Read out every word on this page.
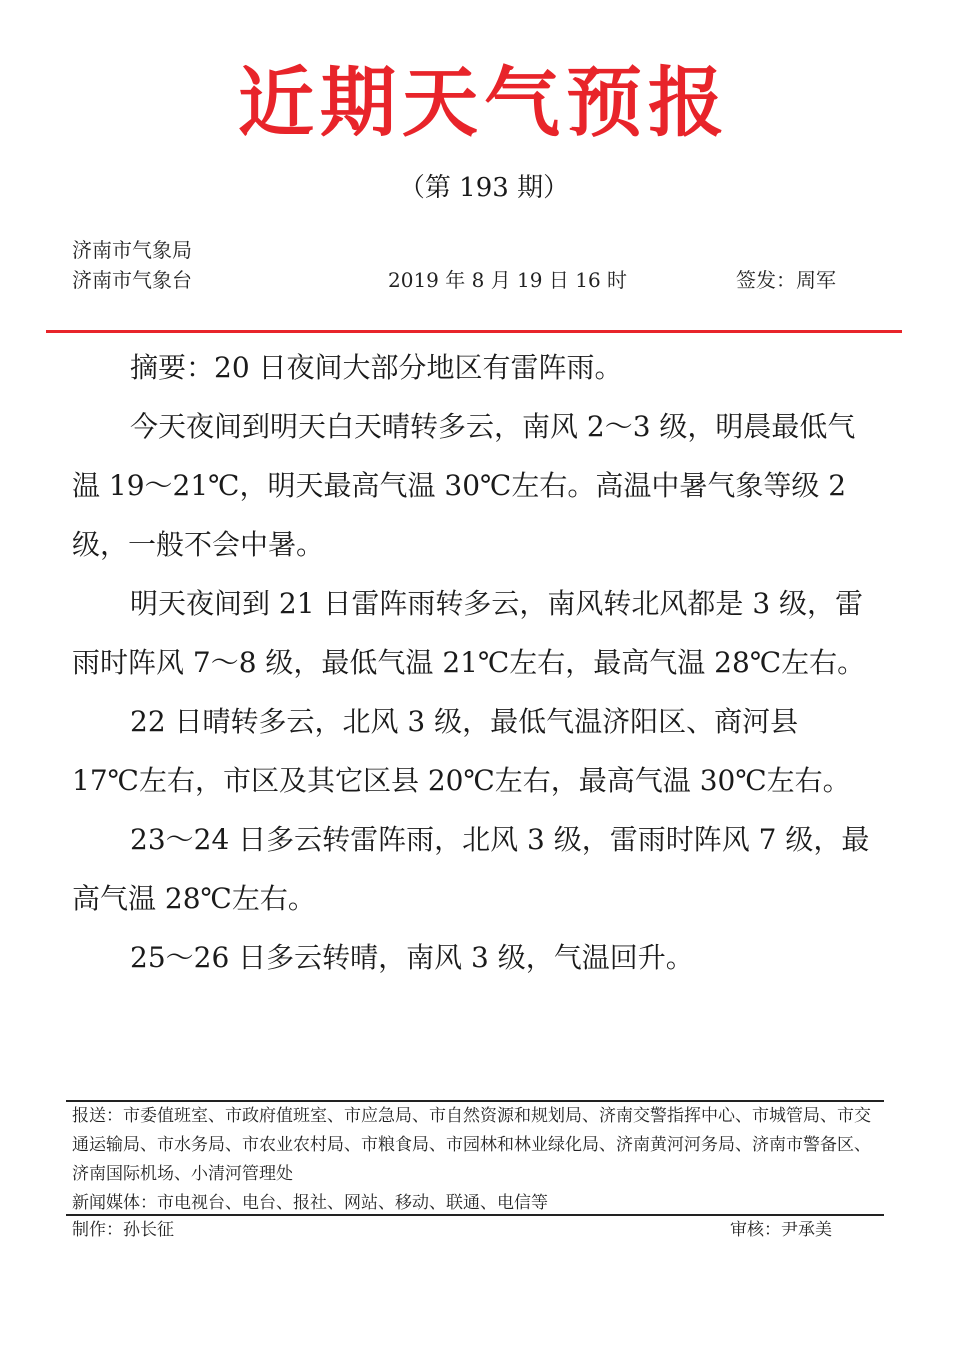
近期天气预报
（第 193 期）
济南市气象局
济南市气象台	2019 年 8 月 19 日 16 时	签发：周军

摘要：20 日夜间大部分地区有雷阵雨。

今天夜间到明天白天晴转多云，南风 2～3 级，明晨最低气温 19～21℃，明天最高气温 30℃左右。高温中暑气象等级 2 级，一般不会中暑。

明天夜间到 21 日雷阵雨转多云，南风转北风都是 3 级，雷雨时阵风 7～8 级，最低气温 21℃左右，最高气温 28℃左右。

22 日晴转多云，北风 3 级，最低气温济阳区、商河县 17℃左右，市区及其它区县 20℃左右，最高气温 30℃左右。

23～24 日多云转雷阵雨，北风 3 级，雷雨时阵风 7 级，最高气温 28℃左右。

25～26 日多云转晴，南风 3 级，气温回升。

报送：市委值班室、市政府值班室、市应急局、市自然资源和规划局、济南交警指挥中心、市城管局、市交通运输局、市水务局、市农业农村局、市粮食局、市园林和林业绿化局、济南黄河河务局、济南市警备区、济南国际机场、小清河管理处

新闻媒体：市电视台、电台、报社、网站、移动、联通、电信等

制作：孙长征	审核：尹承美
